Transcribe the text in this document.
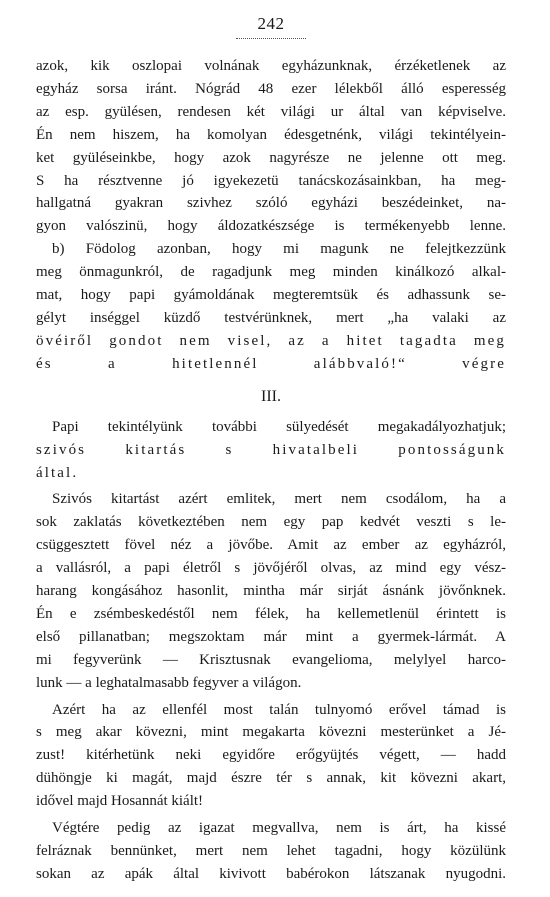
242

azok, kik oszlopai volnának egyházunknak, érzéketlenek az
egyház sorsa iránt. Nógrád 48 ezer lélekből álló esperesség
az esp. gyülésen, rendesen két világi ur által van képviselve.
Én nem hiszem, ha komolyan édesgetnénk, világi tekintélyein-
ket gyüléseinkbe, hogy azok nagyrésze ne jelenne ott meg.
S ha résztvenne jó igyekezetü tanácskozásainkban, ha meg-
hallgatná gyakran szivhez szóló egyházi beszédeinket, na-
gyon valószinü, hogy áldozatkészsége is termékenyebb lenne.

b) Födolog azonban, hogy mi magunk ne felejtkezzünk
meg önmagunkról, de ragadjunk meg minden kinálkozó alkal-
mat, hogy papi gyámoldának megteremtsük és adhassunk se-
gélyt inséggel küzdő testvérünknek, mert „ha valaki az
övéiről gondot nem visel, az a hitet tagadta meg
és a hitetlennél alábbvaló!“ végre

III.

Papi tekintélyünk további sülyedését megakadályozhatjuk;
szivós kitartás s hivatalbeli pontosságunk
által.

Szivós kitartást azért emlitek, mert nem csodálom, ha a
sok zaklatás következtében nem egy pap kedvét veszti s le-
csüggesztett fövel néz a jövőbe. Amit az ember az egyházról,
a vallásról, a papi életről s jövőjéről olvas, az mind egy vész-
harang kongásához hasonlit, mintha már sirját ásnánk jövőnknek.
Én e zsémbeskedéstől nem félek, ha kellemetlenül érintett is
első pillanatban; megszoktam már mint a gyermek-lármát. A
mi fegyverünk — Krisztusnak evangelioma, melylyel harco-
lunk — a leghatalmasabb fegyver a világon.

Azért ha az ellenfél most talán tulnyomó erővel támad is
s meg akar kövezni, mint megakarta kövezni mesterünket a Jé-
zust! kitérhetünk neki egyidőre erőgyüjtés végett, — hadd
dühöngje ki magát, majd észre tér s annak, kit kövezni akart,
idővel majd Hosannát kiált!

Végtére pedig az igazat megvallva, nem is árt, ha kissé
felráznak bennünket, mert nem lehet tagadni, hogy közülünk
sokan az apák által kivivott babérokon látszanak nyugodni.
